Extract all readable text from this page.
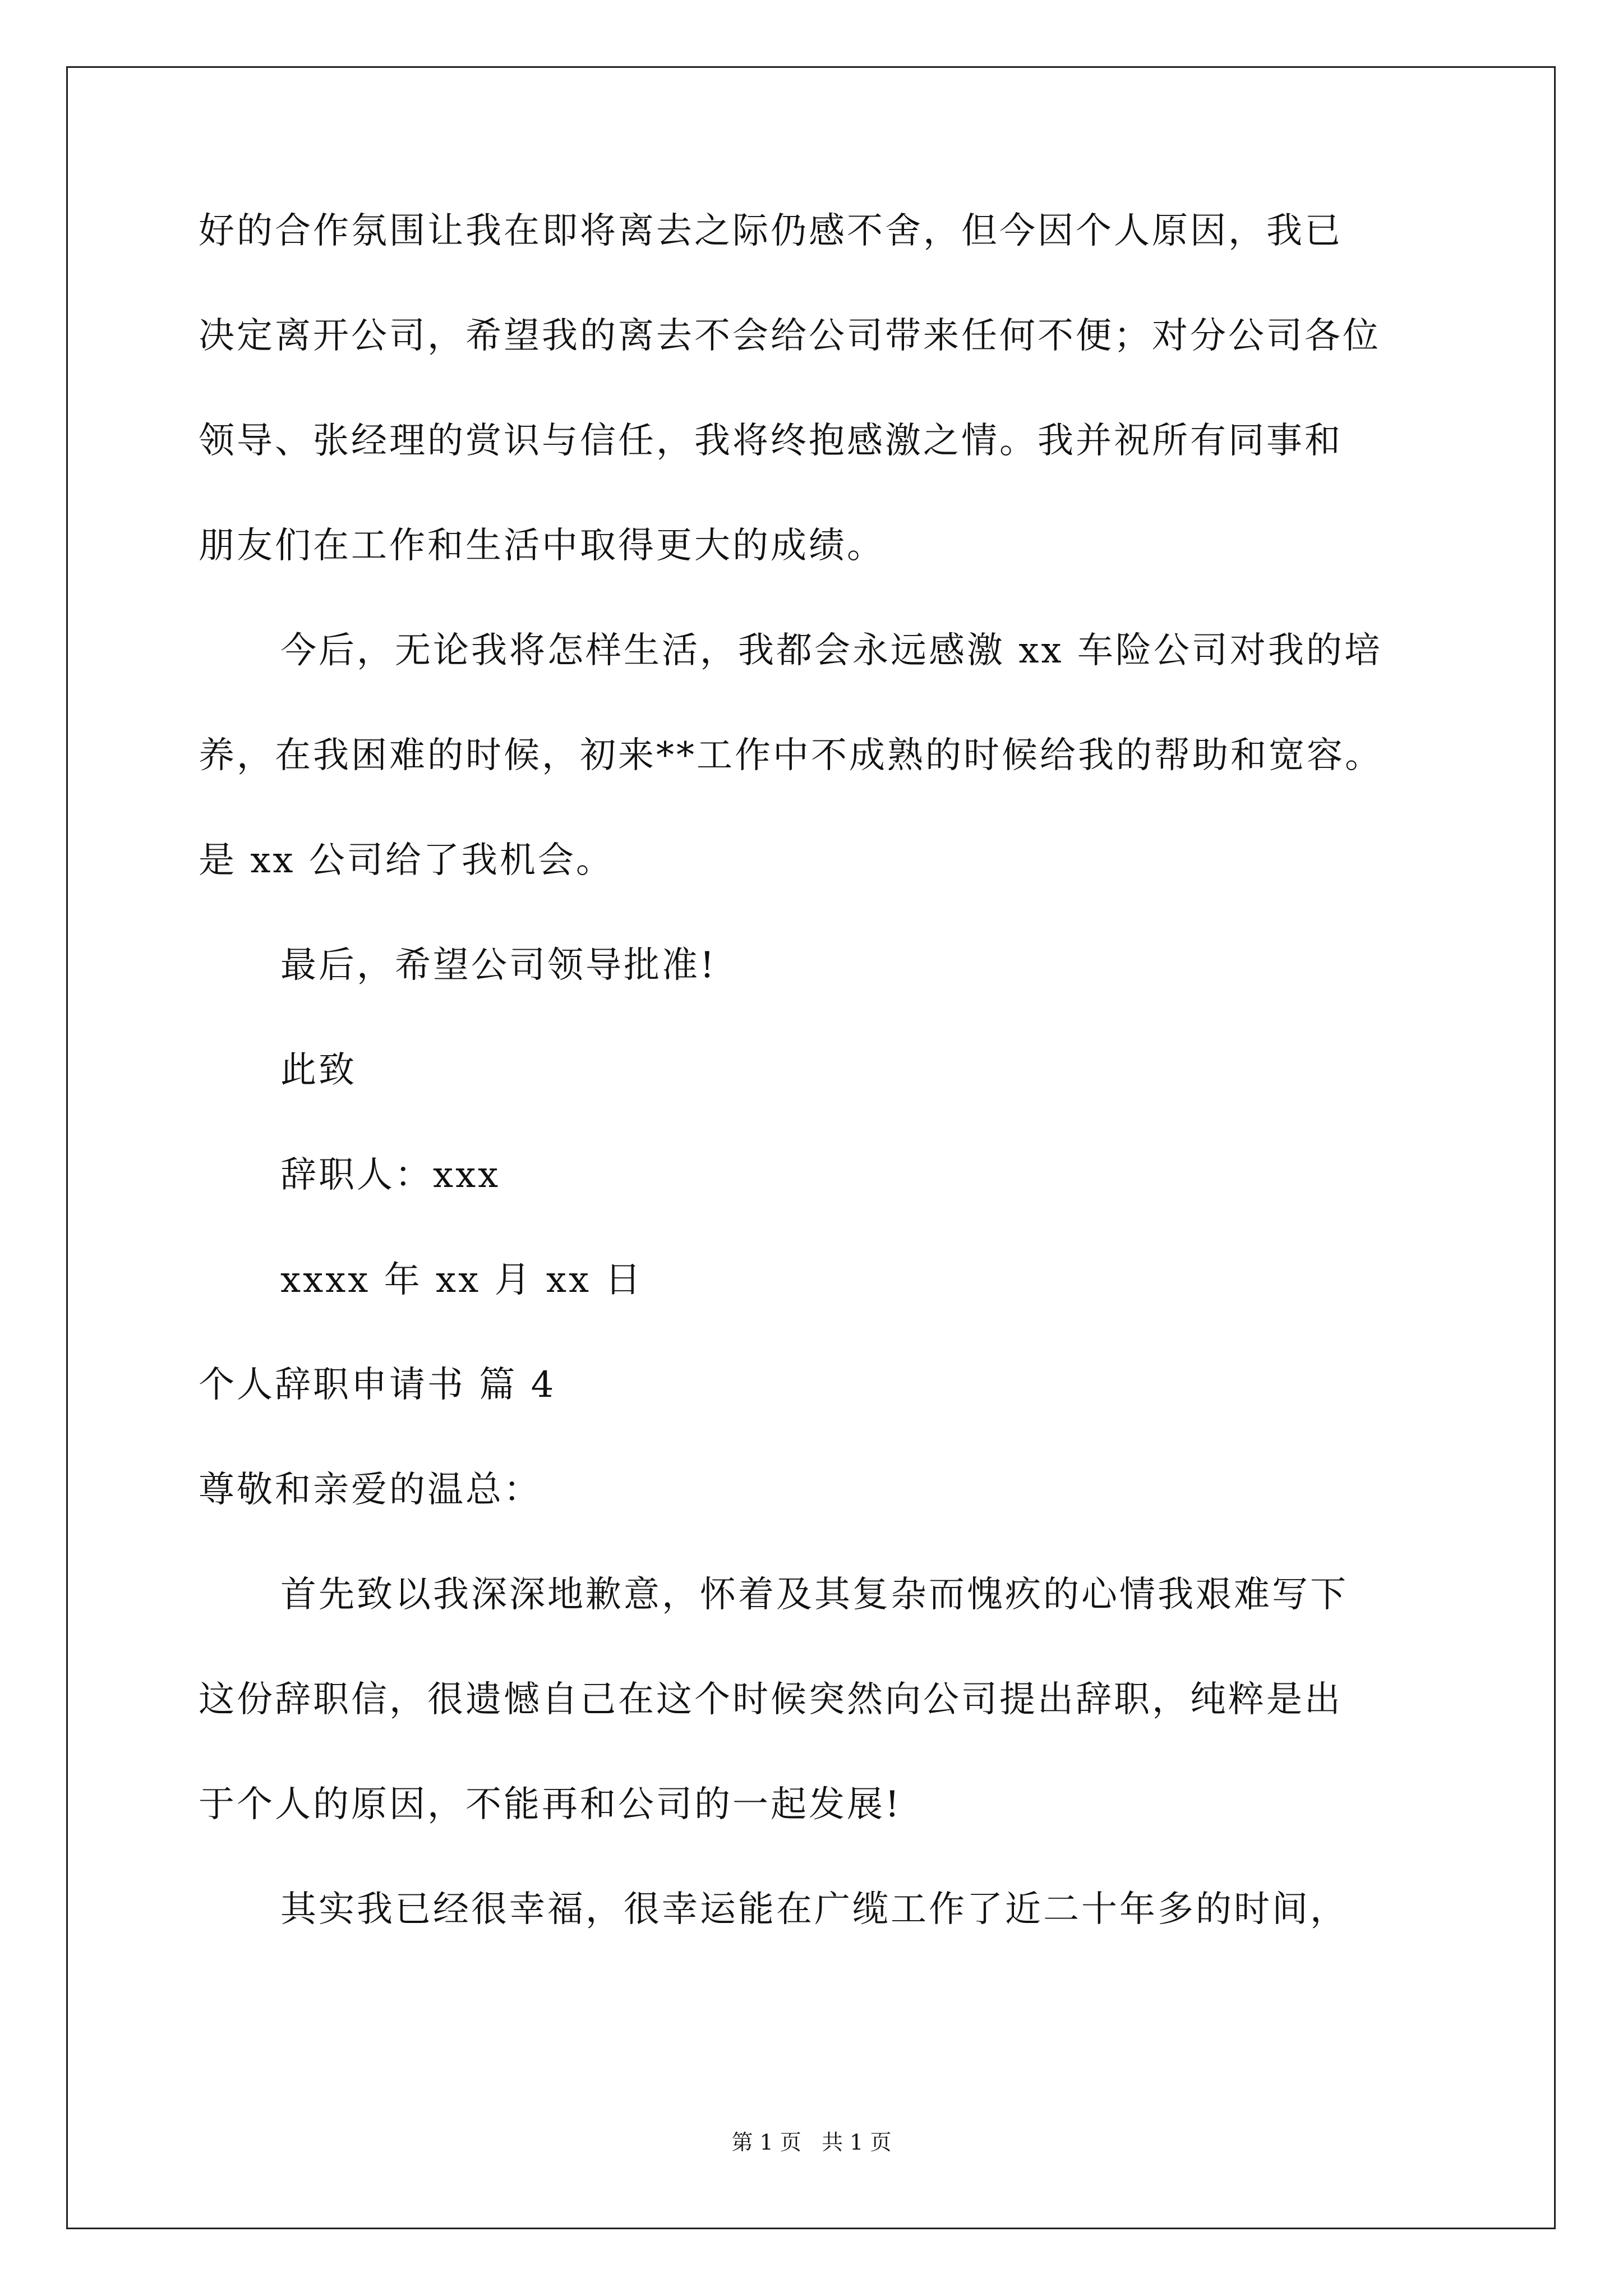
好的合作氛围让我在即将离去之际仍感不舍，但今因个人原因，我已
决定离开公司，希望我的离去不会给公司带来任何不便；对分公司各位
领导、张经理的赏识与信任，我将终抱感激之情。我并祝所有同事和
朋友们在工作和生活中取得更大的成绩。
今后，无论我将怎样生活，我都会永远感激 xx 车险公司对我的培
养，在我困难的时候，初来**工作中不成熟的时候给我的帮助和宽容。
是 xx 公司给了我机会。
最后，希望公司领导批准!
此致
辞职人：xxx
xxxx 年 xx 月 xx 日
个人辞职申请书 篇 4
尊敬和亲爱的温总：
首先致以我深深地歉意，怀着及其复杂而愧疚的心情我艰难写下
这份辞职信，很遗憾自己在这个时候突然向公司提出辞职，纯粹是出
于个人的原因，不能再和公司的一起发展!
其实我已经很幸福，很幸运能在广缆工作了近二十年多的时间，
第 1 页   共 1 页
